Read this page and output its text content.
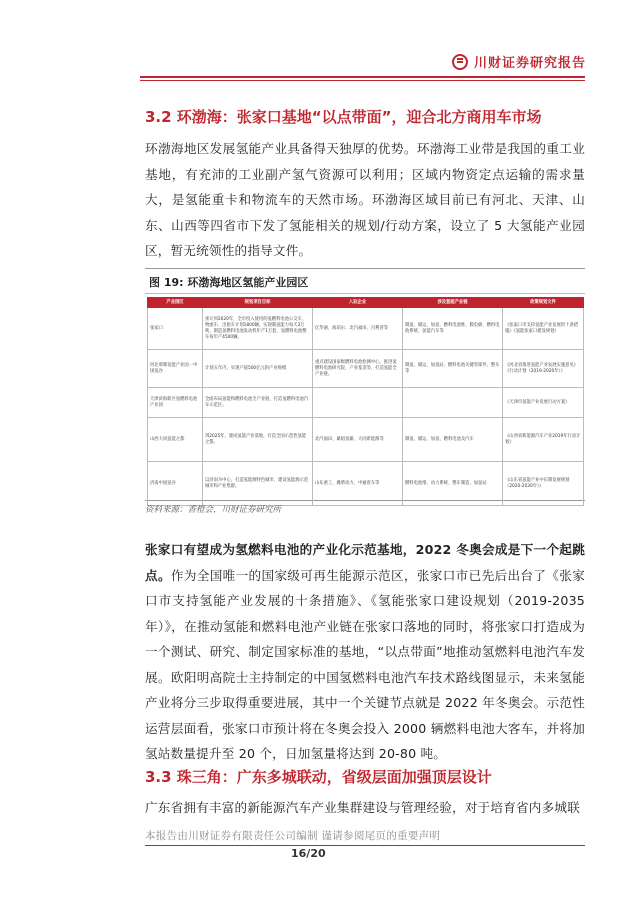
川财证券研究报告
3.2 环渤海：张家口基地“以点带面”，迎合北方商用车市场
环渤海地区发展氢能产业具备得天独厚的优势。环渤海工业带是我国的重工业基地，有充沛的工业副产氢气资源可以利用；区域内物资定点运输的需求量大，是氢能重卡和物流车的天然市场。环渤海区域目前已有河北、天津、山东、山西等四省市下发了氢能相关的规划/行动方案，设立了 5 大氢能产业园区，暂无统领性的指导文件。
图 19: 环渤海地区氢能产业园区
产业园区	规划项目目标	入驻企业	涉及氢能产业链	政策规划文件
张家口	预计到2020年，全市投入使用的氢燃料电池公交车、物流车、出租车计划1800辆，实现制氢能力每天2万吨。制造氢燃料电池发动机年产1万套，氢燃料电池整车每年产4500辆。	亿华通、海珀尔、北汽福田、百利普等	制氢、储运、加氢、燃料电池堆、膜电极、燃料电池系统、氢能汽车等	《张家口市支持氢能产业发展的十条措施》《氢能张家口建设规划》
河北邢郸氢能产业园一中国氢谷	计划五年内，实现产值500亿元的产业规模	重点建设国家级燃料电池检测中心，推进氢燃料电池研究院、产业基金等，打造氢能全产业链。	制氢、储运、加氢站、燃料电池关键零部件、整车等	《河北省推进氢能产业发展实施意见》《行动计划（2019-2020年）》
天津滨海新区氢燃料电池产业园	全面布局氢能和燃料电池全产业链，打造氢燃料电池汽车示范区。			《天津市氢能产业发展行动方案》
山西大同氢能之都	到2025年，建成氢能产业基地，打造全国示范性氢能之都。	北汽福田、雄韬氢雄、大同新能源等	制氢、储运、加氢、燃料电池及汽车	《山西省新能源汽车产业2019年行动计划》
济南中国氢谷	以济南为中心，打造氢能源特色城市，建设氢能源示范城市和产业集群。	山东重工、潍柴动力、中通客车等	燃料电池堆、动力系统、整车制造、加氢站	《山东省氢能产业中长期发展规划（2020-2030年）》
资料来源：香橙会，川财证券研究所
张家口有望成为氢燃料电池的产业化示范基地，2022 冬奥会成是下一个起跳点。作为全国唯一的国家级可再生能源示范区，张家口市已先后出台了《张家口市支持氢能产业发展的十条措施》、《氢能张家口建设规划（2019-2035 年）》，在推动氢能和燃料电池产业链在张家口落地的同时，将张家口打造成为一个测试、研究、制定国家标准的基地，“以点带面”地推动氢燃料电池汽车发展。欧阳明高院士主持制定的中国氢燃料电池汽车技术路线图显示，未来氢能产业将分三步取得重要进展，其中一个关键节点就是 2022 年冬奥会。示范性运营层面看，张家口市预计将在冬奥会投入 2000 辆燃料电池大客车，并将加氢站数量提升至 20 个，日加氢量将达到 20-80 吨。
3.3 珠三角：广东多城联动，省级层面加强顶层设计
广东省拥有丰富的新能源汽车产业集群建设与管理经验，对于培育省内多城联
本报告由川财证券有限责任公司编制 谨请参阅尾页的重要声明
16/20
